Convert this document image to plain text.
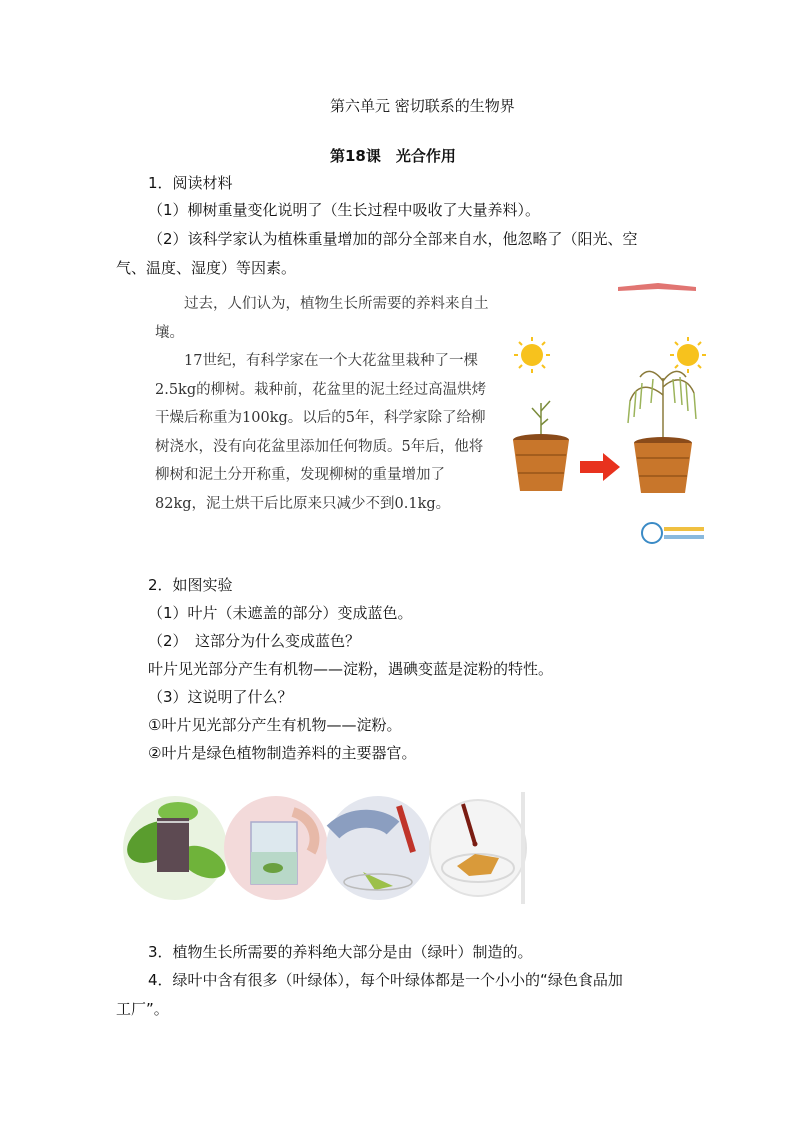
第六单元 密切联系的生物界
第18课　光合作用
1．阅读材料
（1）柳树重量变化说明了（生长过程中吸收了大量养料）。
（2）该科学家认为植株重量增加的部分全部来自水，他忽略了（阳光、空
气、温度、湿度）等因素。

过去，人们认为，植物生长所需要的养料来自土壤。

17世纪，有科学家在一个大花盆里栽种了一棵2.5kg的柳树。栽种前，花盆里的泥土经过高温烘烤干燥后称重为100kg。以后的5年，科学家除了给柳树浇水，没有向花盆里添加任何物质。5年后，他将柳树和泥土分开称重，发现柳树的重量增加了82kg，泥土烘干后比原来只减少不到0.1kg。

2．如图实验
（1）叶片（未遮盖的部分）变成蓝色。
（2）　这部分为什么变成蓝色？
叶片见光部分产生有机物——淀粉，遇碘变蓝是淀粉的特性。
（3）这说明了什么？
①叶片见光部分产生有机物——淀粉。
②叶片是绿色植物制造养料的主要器官。
3．植物生长所需要的养料绝大部分是由（绿叶）制造的。
4．绿叶中含有很多（叶绿体），每个叶绿体都是一个小小的“绿色食品加
工厂”。
